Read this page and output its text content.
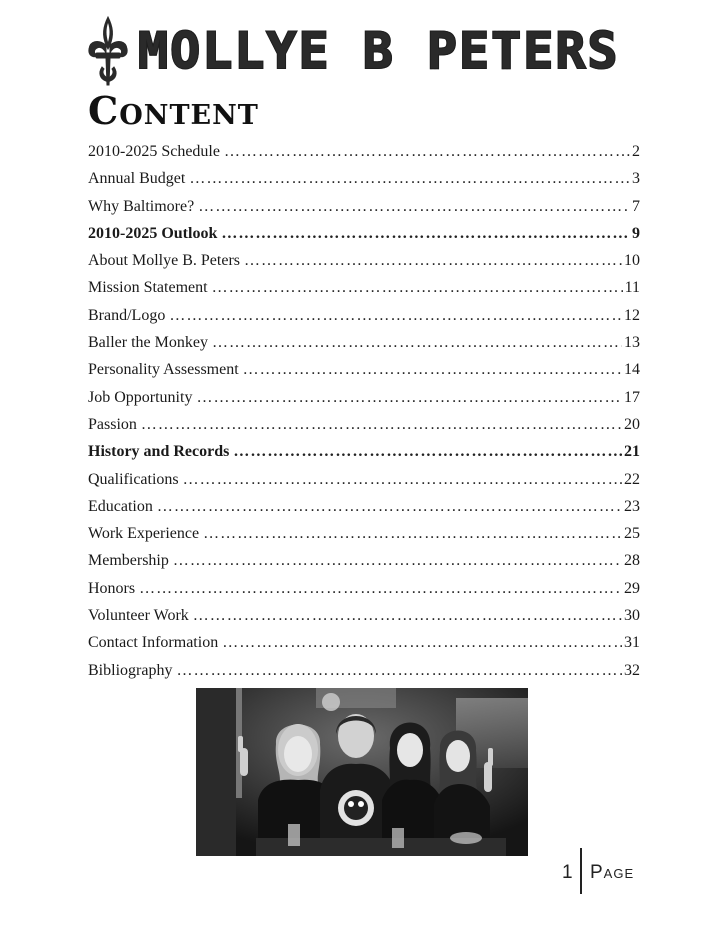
MOLLYE B PETERS
Content
2010-2025 Schedule ………………………………………………………………………………………………………………………………………………………	2
Annual Budget ………………………………………………………………………………………………………………………………………………………	3
Why Baltimore? ………………………………………………………………………………………………………………………………………………………	7
2010-2025 Outlook ………………………………………………………………………………………………………………………………………………………	9
About Mollye B. Peters ………………………………………………………………………………………………………………………………………………………	10
Mission Statement ………………………………………………………………………………………………………………………………………………………	11
Brand/Logo ………………………………………………………………………………………………………………………………………………………	12
Baller the Monkey ………………………………………………………………………………………………………………………………………………………	13
Personality Assessment ………………………………………………………………………………………………………………………………………………………	14
Job Opportunity ………………………………………………………………………………………………………………………………………………………	17
Passion ………………………………………………………………………………………………………………………………………………………	20
History and Records ………………………………………………………………………………………………………………………………………………………	21
Qualifications ………………………………………………………………………………………………………………………………………………………	22
Education ………………………………………………………………………………………………………………………………………………………	23
Work Experience ………………………………………………………………………………………………………………………………………………………	25
Membership ………………………………………………………………………………………………………………………………………………………	28
Honors ………………………………………………………………………………………………………………………………………………………	29
Volunteer Work ………………………………………………………………………………………………………………………………………………………	30
Contact Information ………………………………………………………………………………………………………………………………………………………	31
Bibliography ………………………………………………………………………………………………………………………………………………………	32
1 Page
